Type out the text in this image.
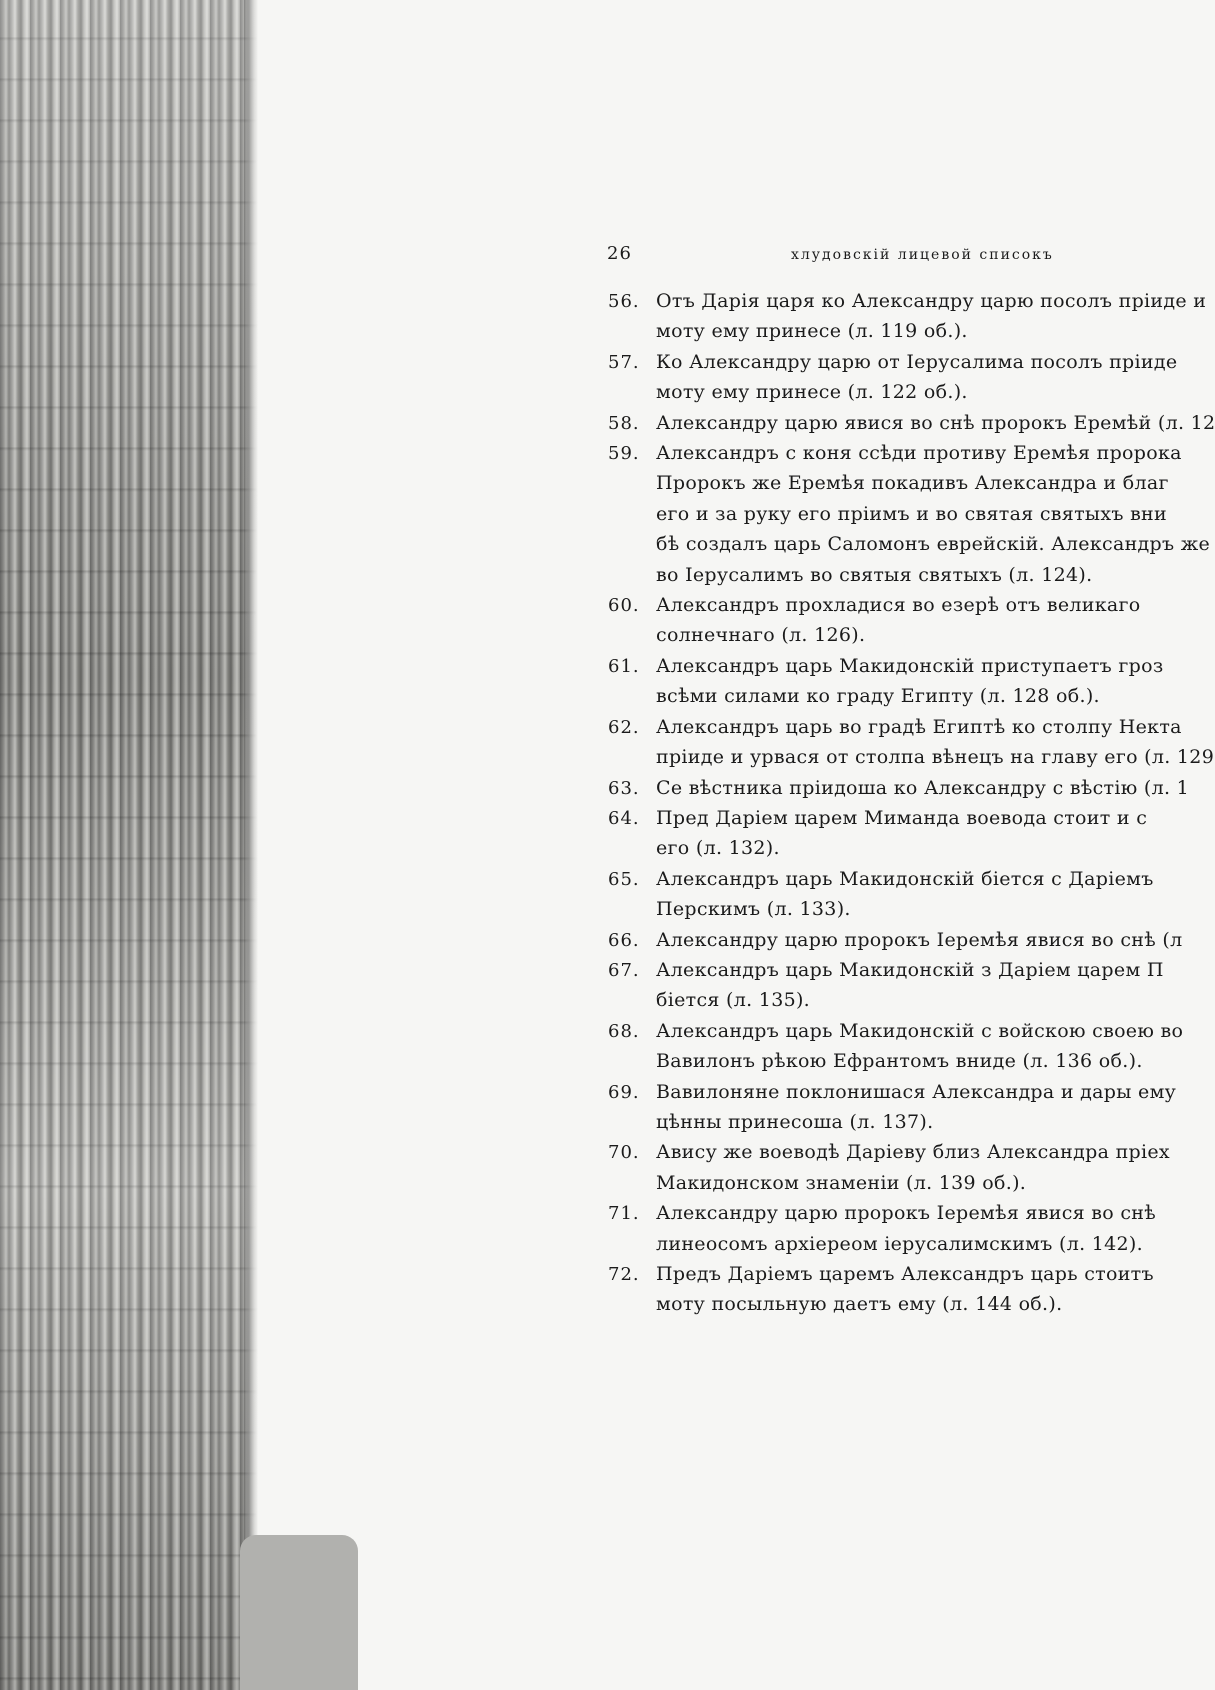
26	хлудовскій лицевой списокъ
56. Отъ Дарія царя ко Александру царю посолъ пріиде и
моту ему принесе (л. 119 об.).
57. Ко Александру царю от Іерусалима посолъ пріиде
моту ему принесе (л. 122 об.).
58. Александру царю явися во снѣ пророкъ Еремѣй (л. 12
59. Александръ с коня ссѣди противу Еремѣя пророка
Пророкъ же Еремѣя покадивъ Александра и благ
его и за руку его пріимъ и во святая святыхъ вни
бѣ создалъ царь Саломонъ еврейскій. Александръ же
во Іерусалимъ во святыя святыхъ (л. 124).
60. Александръ прохладися во езерѣ отъ великаго
солнечнаго (л. 126).
61. Александръ царь Макидонскій приступаетъ гроз
всѣми силами ко граду Египту (л. 128 об.).
62. Александръ царь во градѣ Египтѣ ко столпу Некта
пріиде и урвася от столпа вѣнецъ на главу его (л. 129
63. Се вѣстника пріидоша ко Александру с вѣстію (л. 1
64. Пред Даріем царем Миманда воевода стоит и с
его (л. 132).
65. Александръ царь Макидонскій біется с Даріемъ
Перскимъ (л. 133).
66. Александру царю пророкъ Іеремѣя явися во снѣ (л
67. Александръ царь Макидонскій з Даріем царем П
біется (л. 135).
68. Александръ царь Макидонскій с войскою своею во
Вавилонъ рѣкою Ефрантомъ вниде (л. 136 об.).
69. Вавилоняне поклонишася Александра и дары ему
цѣнны принесоша (л. 137).
70. Авису же воеводѣ Даріеву близ Александра пріех
Макидонском знаменіи (л. 139 об.).
71. Александру царю пророкъ Іеремѣя явися во снѣ
линеосомъ архіереом іерусалимскимъ (л. 142).
72. Предъ Даріемъ царемъ Александръ царь стоитъ
моту посыльную даетъ ему (л. 144 об.).
